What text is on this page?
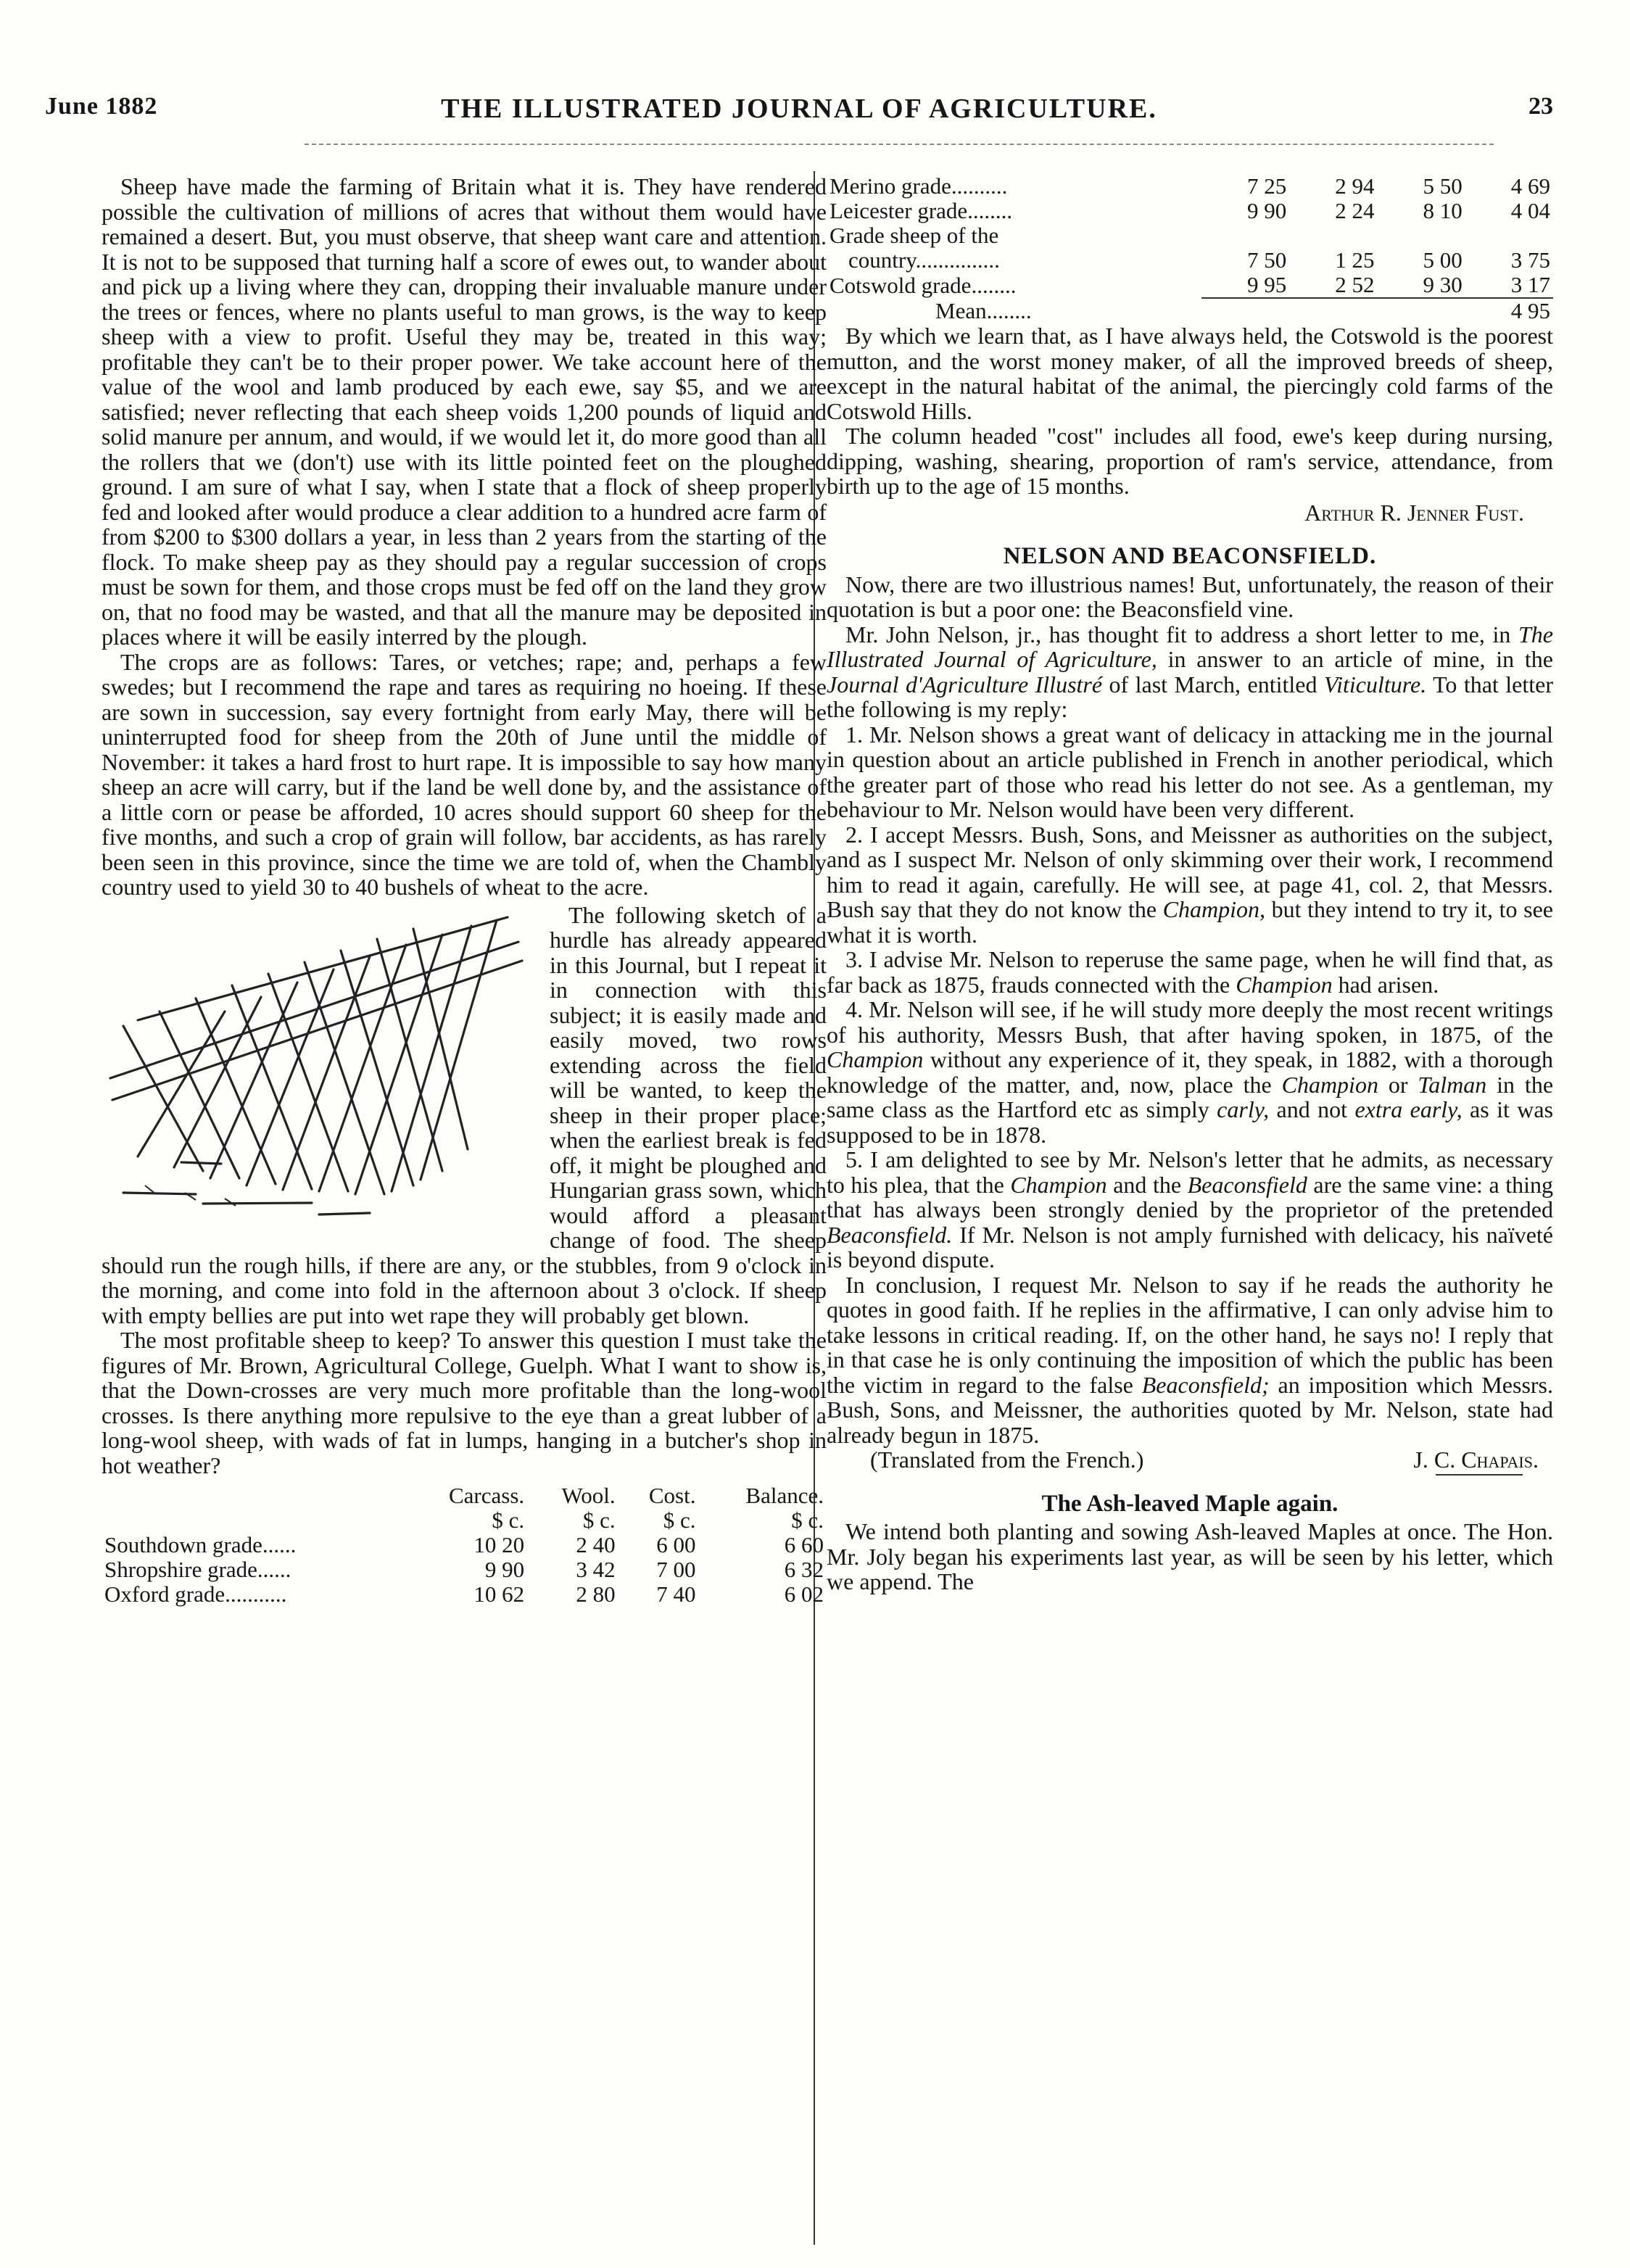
June 1882	THE ILLUSTRATED JOURNAL OF AGRICULTURE.	23

Sheep have made the farming of Britain what it is. They have rendered possible the cultivation of millions of acres that without them would have remained a desert. But, you must observe, that sheep want care and attention. It is not to be supposed that turning half a score of ewes out, to wander about and pick up a living where they can, dropping their invaluable manure under the trees or fences, where no plants useful to man grows, is the way to keep sheep with a view to profit. Useful they may be, treated in this way; profitable they can't be to their proper power. We take account here of the value of the wool and lamb produced by each ewe, say $5, and we are satisfied; never reflecting that each sheep voids 1,200 pounds of liquid and solid manure per annum, and would, if we would let it, do more good than all the rollers that we (don't) use with its little pointed feet on the ploughed ground. I am sure of what I say, when I state that a flock of sheep properly fed and looked after would produce a clear addition to a hundred acre farm of from $200 to $300 dollars a year, in less than 2 years from the starting of the flock. To make sheep pay as they should pay a regular succession of crops must be sown for them, and those crops must be fed off on the land they grow on, that no food may be wasted, and that all the manure may be deposited in places where it will be easily interred by the plough.

The crops are as follows: Tares, or vetches; rape; and, perhaps a few swedes; but I recommend the rape and tares as requiring no hoeing. If these are sown in succession, say every fortnight from early May, there will be uninterrupted food for sheep from the 20th of June until the middle of November: it takes a hard frost to hurt rape. It is impossible to say how many sheep an acre will carry, but if the land be well done by, and the assistance of a little corn or pease be afforded, 10 acres should support 60 sheep for the five months, and such a crop of grain will follow, bar accidents, as has rarely been seen in this province, since the time we are told of, when the Chambly country used to yield 30 to 40 bushels of wheat to the acre.

The following sketch of a hurdle has already appeared in this Journal, but I repeat it in connection with this subject; it is easily made and easily moved, two rows extending across the field will be wanted, to keep the sheep in their proper place; when the earliest break is fed off, it might be ploughed and Hungarian grass sown, which would afford a pleasant change of food. The sheep should run the rough hills, if there are any, or the stubbles, from 9 o'clock in the morning, and come into fold in the afternoon about 3 o'clock. If sheep with empty bellies are put into wet rape they will probably get blown.

The most profitable sheep to keep? To answer this question I must take the figures of Mr. Brown, Agricultural College, Guelph. What I want to show is, that the Down-crosses are very much more profitable than the long-wool crosses. Is there anything more repulsive to the eye than a great lubber of a long-wool sheep, with wads of fat in lumps, hanging in a butcher's shop in hot weather?

	Carcass.	Wool.	Cost.	Balance.
	$ c.	$ c.	$ c.	$ c.
Southdown grade......	10 20	2 40	6 00	6 60
Shropshire grade......	9 90	3 42	7 00	6 32
Oxford grade...........	10 62	2 80	7 40	6 02
Merino grade..........	7 25	2 94	5 50	4 69
Leicester grade........	9 90	2 24	8 10	4 04
Grade sheep of the				
country...............	7 50	1 25	5 00	3 75
Cotswold grade........	9 95	2 52	9 30	3 17
Mean........				4 95

By which we learn that, as I have always held, the Cotswold is the poorest mutton, and the worst money maker, of all the improved breeds of sheep, except in the natural habitat of the animal, the piercingly cold farms of the Cotswold Hills.

The column headed "cost" includes all food, ewe's keep during nursing, dipping, washing, shearing, proportion of ram's service, attendance, from birth up to the age of 15 months.

Arthur R. Jenner Fust.
NELSON AND BEACONSFIELD.

Now, there are two illustrious names! But, unfortunately, the reason of their quotation is but a poor one: the Beaconsfield vine.

Mr. John Nelson, jr., has thought fit to address a short letter to me, in The Illustrated Journal of Agriculture, in answer to an article of mine, in the Journal d'Agriculture Illustré of last March, entitled Viticulture. To that letter the following is my reply:

1. Mr. Nelson shows a great want of delicacy in attacking me in the journal in question about an article published in French in another periodical, which the greater part of those who read his letter do not see. As a gentleman, my behaviour to Mr. Nelson would have been very different.

2. I accept Messrs. Bush, Sons, and Meissner as authorities on the subject, and as I suspect Mr. Nelson of only skimming over their work, I recommend him to read it again, carefully. He will see, at page 41, col. 2, that Messrs. Bush say that they do not know the Champion, but they intend to try it, to see what it is worth.

3. I advise Mr. Nelson to reperuse the same page, when he will find that, as far back as 1875, frauds connected with the Champion had arisen.

4. Mr. Nelson will see, if he will study more deeply the most recent writings of his authority, Messrs Bush, that after having spoken, in 1875, of the Champion without any experience of it, they speak, in 1882, with a thorough knowledge of the matter, and, now, place the Champion or Talman in the same class as the Hartford etc as simply carly, and not extra early, as it was supposed to be in 1878.

5. I am delighted to see by Mr. Nelson's letter that he admits, as necessary to his plea, that the Champion and the Beaconsfield are the same vine: a thing that has always been strongly denied by the proprietor of the pretended Beaconsfield. If Mr. Nelson is not amply furnished with delicacy, his naïveté is beyond dispute.

In conclusion, I request Mr. Nelson to say if he reads the authority he quotes in good faith. If he replies in the affirmative, I can only advise him to take lessons in critical reading. If, on the other hand, he says no! I reply that in that case he is only continuing the imposition of which the public has been the victim in regard to the false Beaconsfield; an imposition which Messrs. Bush, Sons, and Meissner, the authorities quoted by Mr. Nelson, state had already begun in 1875.

(Translated from the French.)	J. C. Chapais.
The Ash-leaved Maple again.

We intend both planting and sowing Ash-leaved Maples at once. The Hon. Mr. Joly began his experiments last year, as will be seen by his letter, which we append. The
